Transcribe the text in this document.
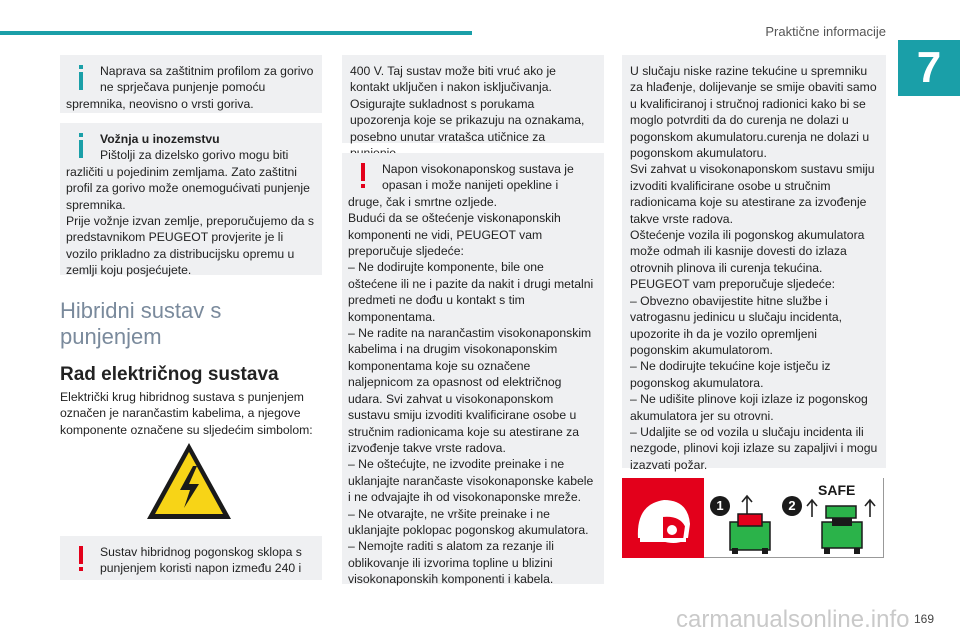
Praktične informacije
7

Naprava sa zaštitnim profilom za gorivo ne sprječava punjenje pomoću spremnika, neovisno o vrsti goriva.

Vožnja u inozemstvu

Pištolji za dizelsko gorivo mogu biti različiti u pojedinim zemljama. Zato zaštitni profil za gorivo može onemogućivati punjenje spremnika.

Prije vožnje izvan zemlje, preporučujemo da s predstavnikom PEUGEOT provjerite je li vozilo prikladno za distribucijsku opremu u zemlji koju posjećujete.

Hibridni sustav s punjenjem
Rad električnog sustava
Električki krug hibridnog sustava s punjenjem označen je narančastim kabelima, a njegove komponente označene su sljedećim simbolom:

Sustav hibridnog pogonskog sklopa s punjenjem koristi napon između 240 i

400 V. Taj sustav može biti vruć ako je kontakt uključen i nakon isključivanja.

Osigurajte sukladnost s porukama upozorenja koje se prikazuju na oznakama, posebno unutar vratašca utičnice za

Napon visokonaponskog sustava je opasan i može nanijeti opekline i druge, čak i smrtne ozljede.

Budući da se oštećenje viskonaponskih komponenti ne vidi, PEUGEOT vam preporučuje sljedeće:

– Ne dodirujte komponente, bile one oštećene ili ne i pazite da nakit i drugi metalni predmeti ne dođu u kontakt s tim komponentama.

– Ne radite na narančastim visokonaponskim kabelima i na drugim visokonaponskim komponentama koje su označene naljepnicom za opasnost od električnog udara. Svi zahvat u visokonaponskom sustavu smiju izvoditi kvalificirane osobe u stručnim radionicama koje su atestirane za izvođenje takve vrste radova.

– Ne oštećujte, ne izvodite preinake i ne uklanjajte narančaste visokonaponske kabele i ne odvajajte ih od visokonaponske mreže.

– Ne otvarajte, ne vršite preinake i ne uklanjajte poklopac pogonskog akumulatora.

– Nemojte raditi s alatom za rezanje ili oblikovanje ili izvorima topline u blizini visokonaponskih komponenti i kabela.

U slučaju niske razine tekućine u spremniku za hlađenje, dolijevanje se smije obaviti samo u kvalificiranoj i stručnoj radionici kako bi se moglo potvrditi da do curenja ne dolazi u pogonskom akumulatoru.curenja ne dolazi u pogonskom akumulatoru.

Svi zahvat u visokonaponskom sustavu smiju izvoditi kvalificirane osobe u stručnim radionicama koje su atestirane za izvođenje takve vrste radova.

Oštećenje vozila ili pogonskog akumulatora može odmah ili kasnije dovesti do izlaza otrovnih plinova ili curenja tekućina.

PEUGEOT vam preporučuje sljedeće:

– Obvezno obavijestite hitne službe i vatrogasnu jedinicu u slučaju incidenta, upozorite ih da je vozilo opremljeni pogonskim akumulatorom.

– Ne dodirujte tekućine koje istječu iz pogonskog akumulatora.

– Ne udišite plinove koji izlaze iz pogonskog akumulatora jer su otrovni.

– Udaljite se od vozila u slučaju incidenta ili nezgode, plinovi koji izlaze su zapaljivi i mogu izazvati požar.

1	2
SAFE
carmanualsonline.info 169
